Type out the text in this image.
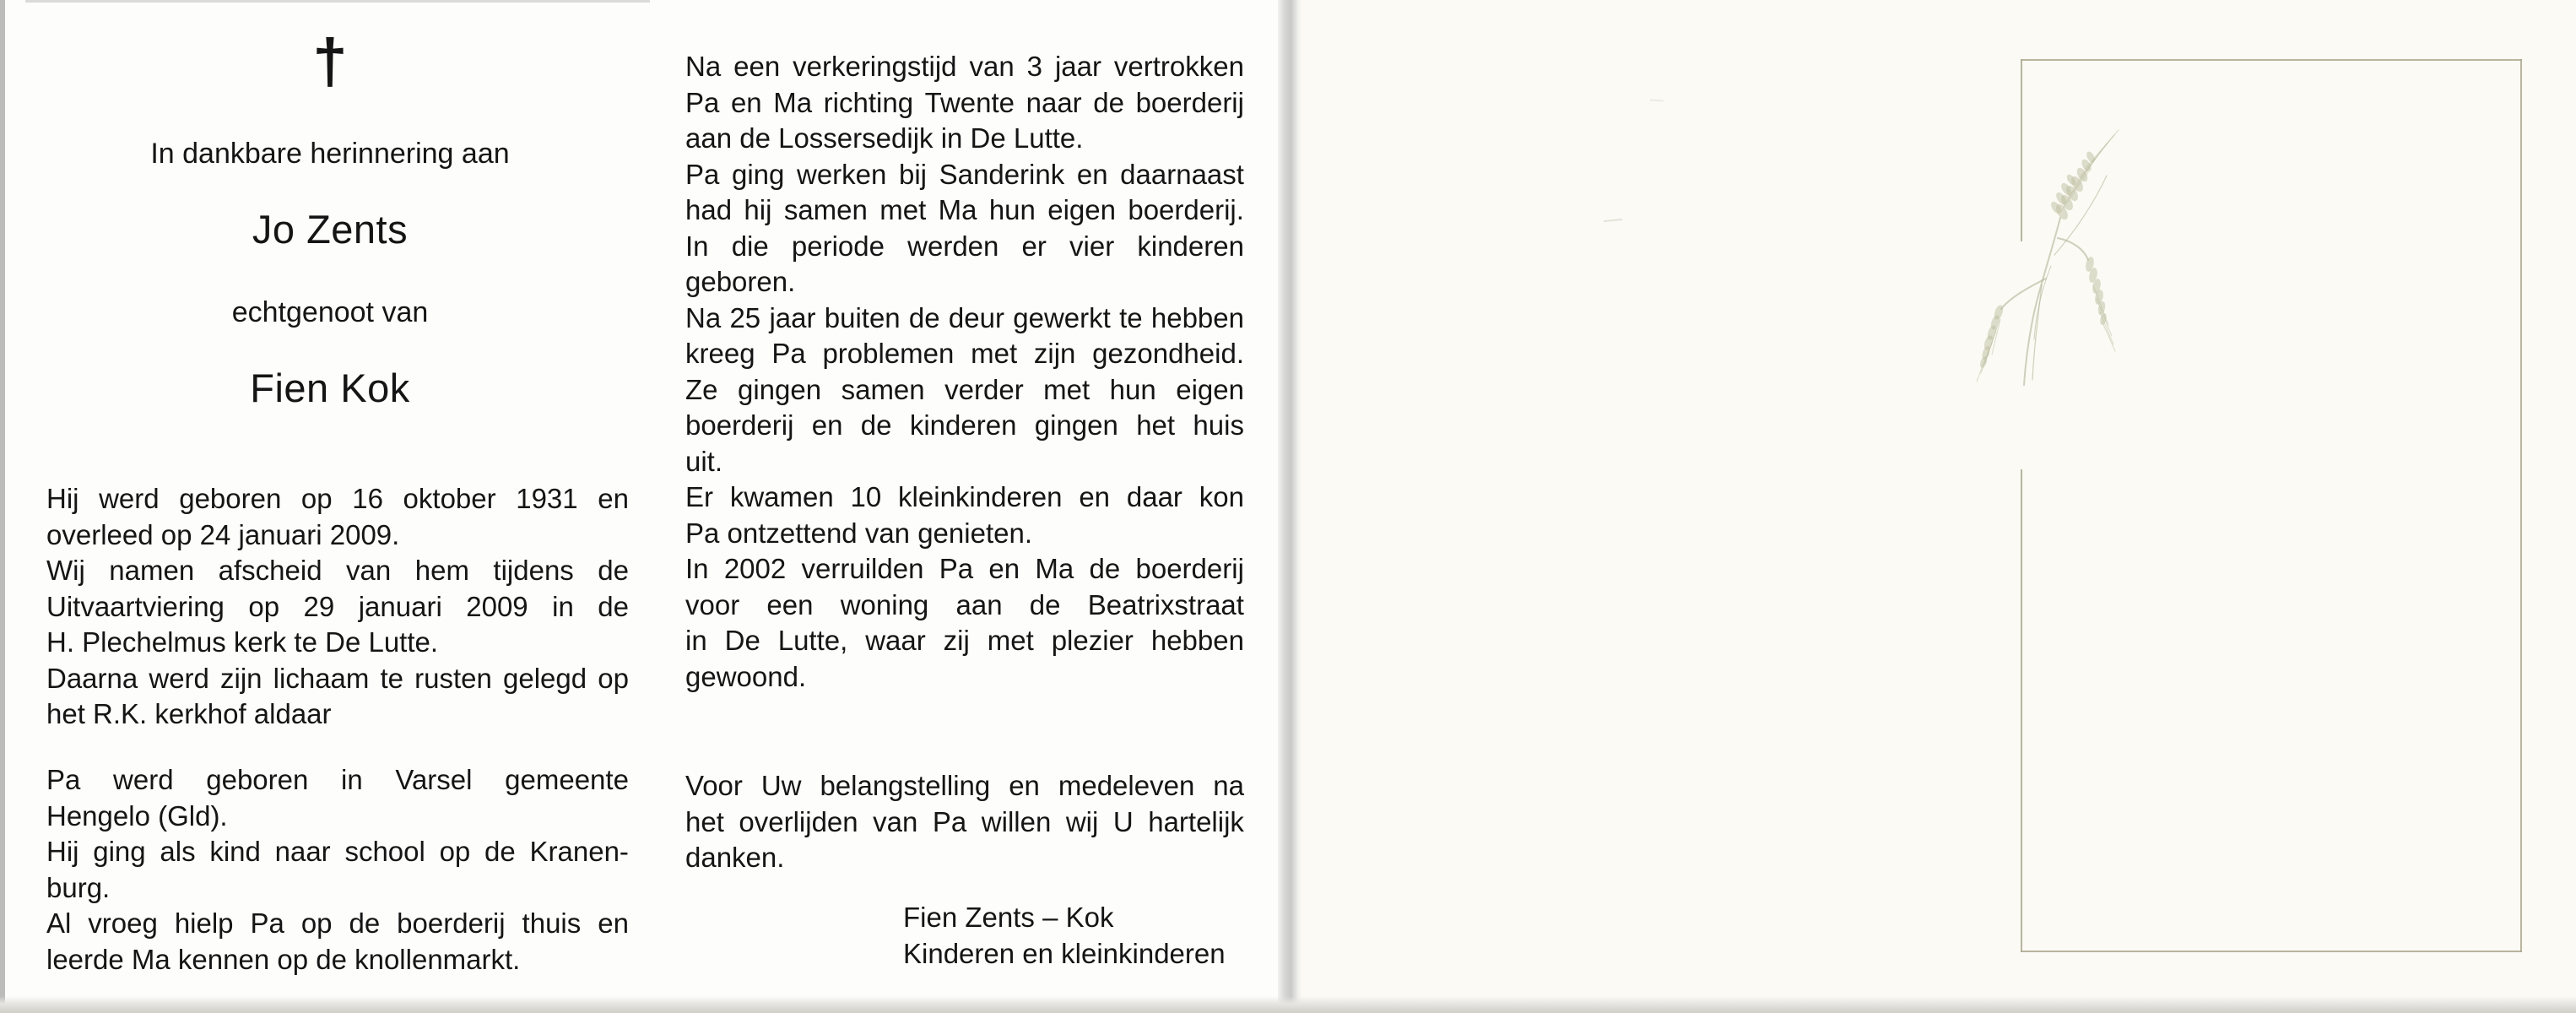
†
In dankbare herinnering aan
Jo Zents
echtgenoot van
Fien Kok
Hij werd geboren op 16 oktober 1931 en
overleed op 24 januari 2009.
Wij namen afscheid van hem tijdens de
Uitvaartviering op 29 januari 2009 in de
H. Plechelmus kerk te De Lutte.
Daarna werd zijn lichaam te rusten gelegd op
het R.K. kerkhof aldaar
Pa werd geboren in Varsel gemeente
Hengelo (Gld).
Hij ging als kind naar school op de Kranen-
burg.
Al vroeg hielp Pa op de boerderij thuis en
leerde Ma kennen op de knollenmarkt.
Na een verkeringstijd van 3 jaar vertrokken
Pa en Ma richting Twente naar de boerderij
aan de Lossersedijk in De Lutte.
Pa ging werken bij Sanderink en daarnaast
had hij samen met Ma hun eigen boerderij.
In die periode werden er vier kinderen
geboren.
Na 25 jaar buiten de deur gewerkt te hebben
kreeg Pa problemen met zijn gezondheid.
Ze gingen samen verder met hun eigen
boerderij en de kinderen gingen het huis
uit.
Er kwamen 10 kleinkinderen en daar kon
Pa ontzettend van genieten.
In 2002 verruilden Pa en Ma de boerderij
voor een woning aan de Beatrixstraat
in De Lutte, waar zij met plezier hebben
gewoond.
Voor Uw belangstelling en medeleven na
het overlijden van Pa willen wij U hartelijk
danken.
Fien Zents – Kok
Kinderen en kleinkinderen
